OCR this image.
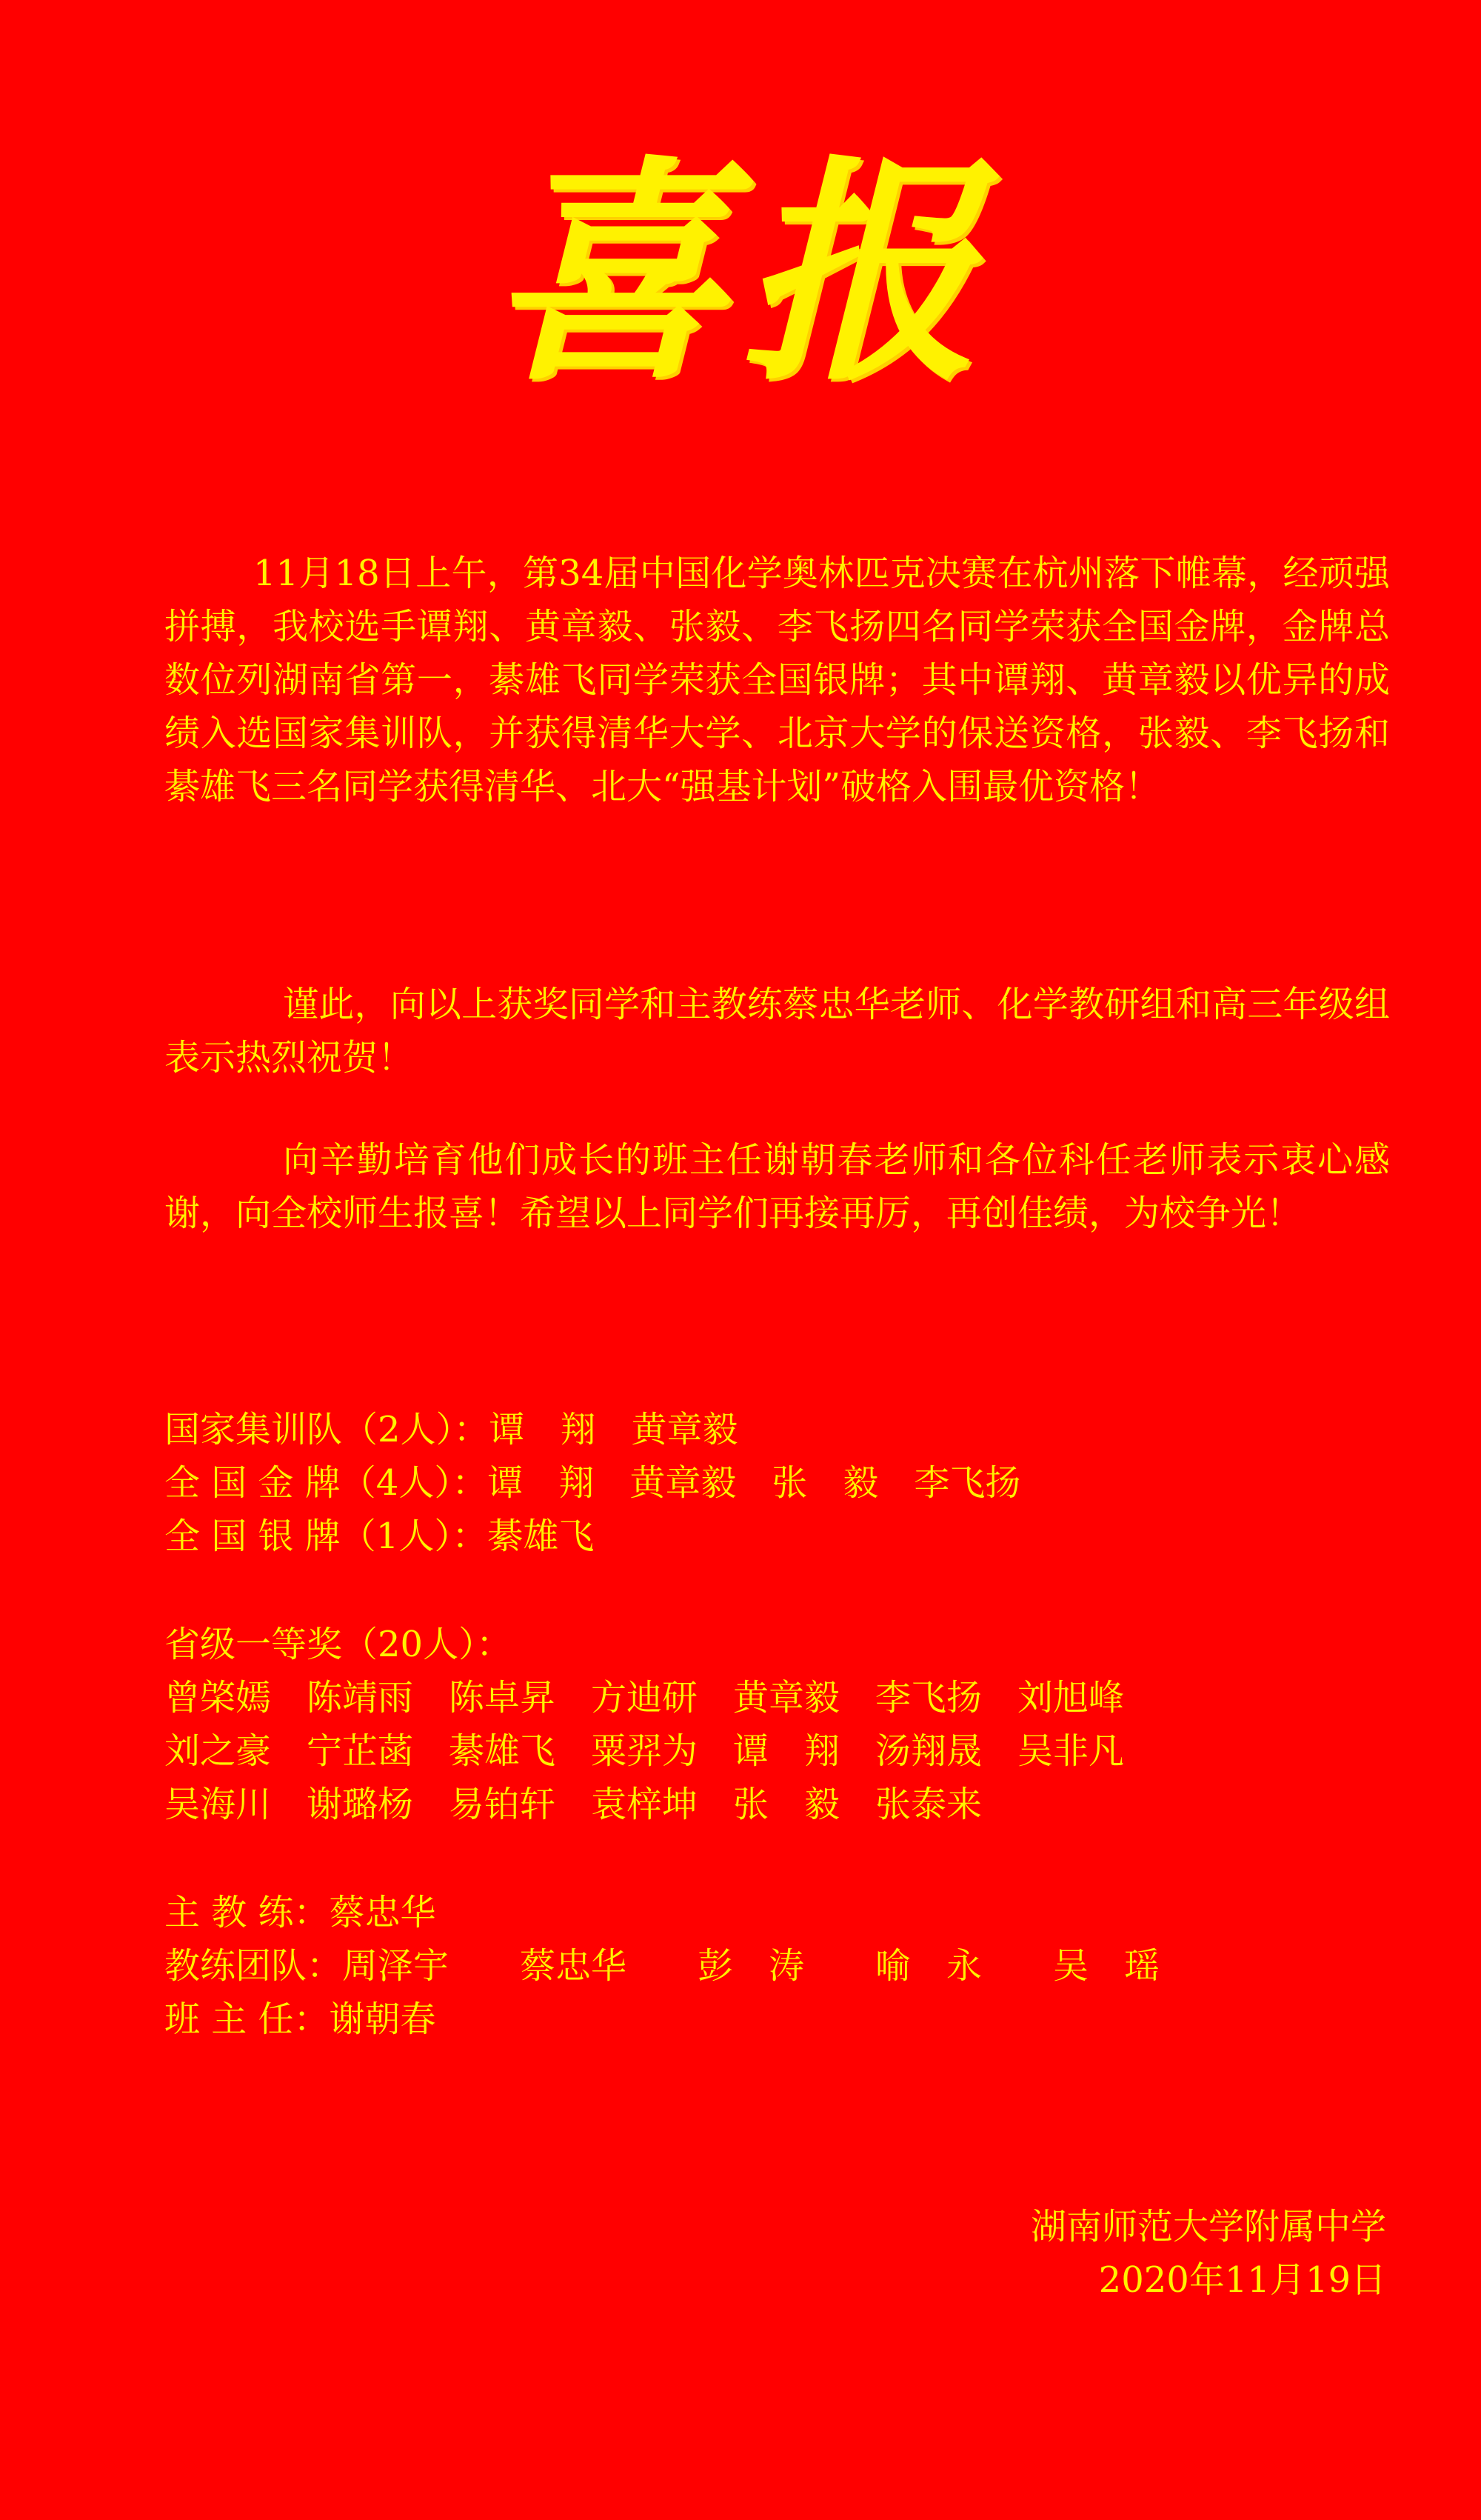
喜报

11月18日上午，第34届中国化学奥林匹克决赛在杭州落下帷幕，经顽强拼搏，我校选手谭翔、黄章毅、张毅、李飞扬四名同学荣获全国金牌，金牌总数位列湖南省第一，綦雄飞同学荣获全国银牌；其中谭翔、黄章毅以优异的成绩入选国家集训队，并获得清华大学、北京大学的保送资格，张毅、李飞扬和綦雄飞三名同学获得清华、北大“强基计划”破格入围最优资格！

谨此，向以上获奖同学和主教练蔡忠华老师、化学教研组和高三年级组表示热烈祝贺！

向辛勤培育他们成长的班主任谢朝春老师和各位科任老师表示衷心感谢，向全校师生报喜！希望以上同学们再接再厉，再创佳绩，为校争光！

国家集训队（2人）： 谭　翔　黄章毅
全 国 金 牌（4人）： 谭　翔　黄章毅　张　毅　李飞扬
全 国 银 牌（1人）： 綦雄飞
省级一等奖（20人）：
曾棨嫣　陈靖雨　陈卓昇　方迪研　黄章毅　李飞扬　刘旭峰
刘之豪　宁芷菡　綦雄飞　粟羿为　谭　翔　汤翔晟　吴非凡
吴海川　谢璐杨　易铂轩　袁梓坤　张　毅　张泰来
主 教 练： 蔡忠华
教练团队： 周泽宇　　蔡忠华　　彭　涛　　喻　永　　吴　瑶
班 主 任： 谢朝春
湖南师范大学附属中学
2020年11月19日
